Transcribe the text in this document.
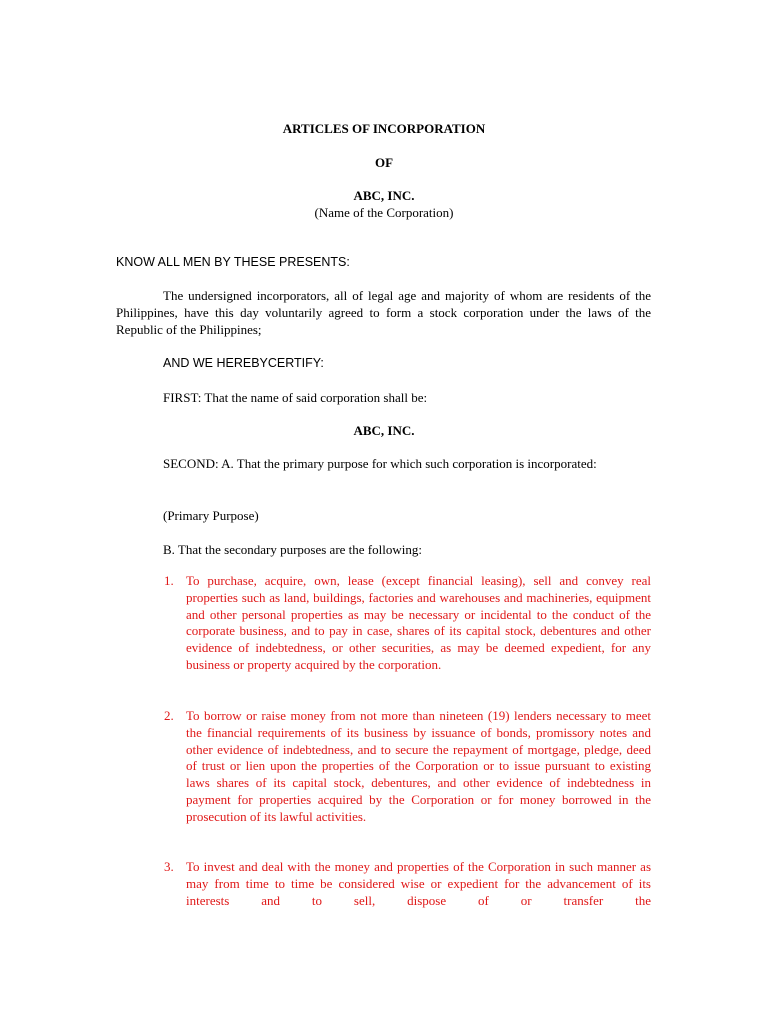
ARTICLES OF INCORPORATION
OF
ABC, INC.
(Name of the Corporation)
KNOW ALL MEN BY THESE PRESENTS:
The undersigned incorporators, all of legal age and majority of whom are residents of the Philippines, have this day voluntarily agreed to form a stock corporation under the laws of the Republic of the Philippines;
AND WE HEREBYCERTIFY:
FIRST: That the name of said corporation shall be:
ABC, INC.
SECOND: A. That the primary purpose for which such corporation is incorporated:
(Primary Purpose)
B. That the secondary purposes are the following:
1. To purchase, acquire, own, lease (except financial leasing), sell and convey real properties such as land, buildings, factories and warehouses and machineries, equipment and other personal properties as may be necessary or incidental to the conduct of the corporate business, and to pay in case, shares of its capital stock, debentures and other evidence of indebtedness, or other securities, as may be deemed expedient, for any business or property acquired by the corporation.
2. To borrow or raise money from not more than nineteen (19) lenders necessary to meet the financial requirements of its business by issuance of bonds, promissory notes and other evidence of indebtedness, and to secure the repayment of mortgage, pledge, deed of trust or lien upon the properties of the Corporation or to issue pursuant to existing laws shares of its capital stock, debentures, and other evidence of indebtedness in payment for properties acquired by the Corporation or for money borrowed in the prosecution of its lawful activities.
3. To invest and deal with the money and properties of the Corporation in such manner as may from time to time be considered wise or expedient for the advancement of its interests and to sell, dispose of or transfer the
